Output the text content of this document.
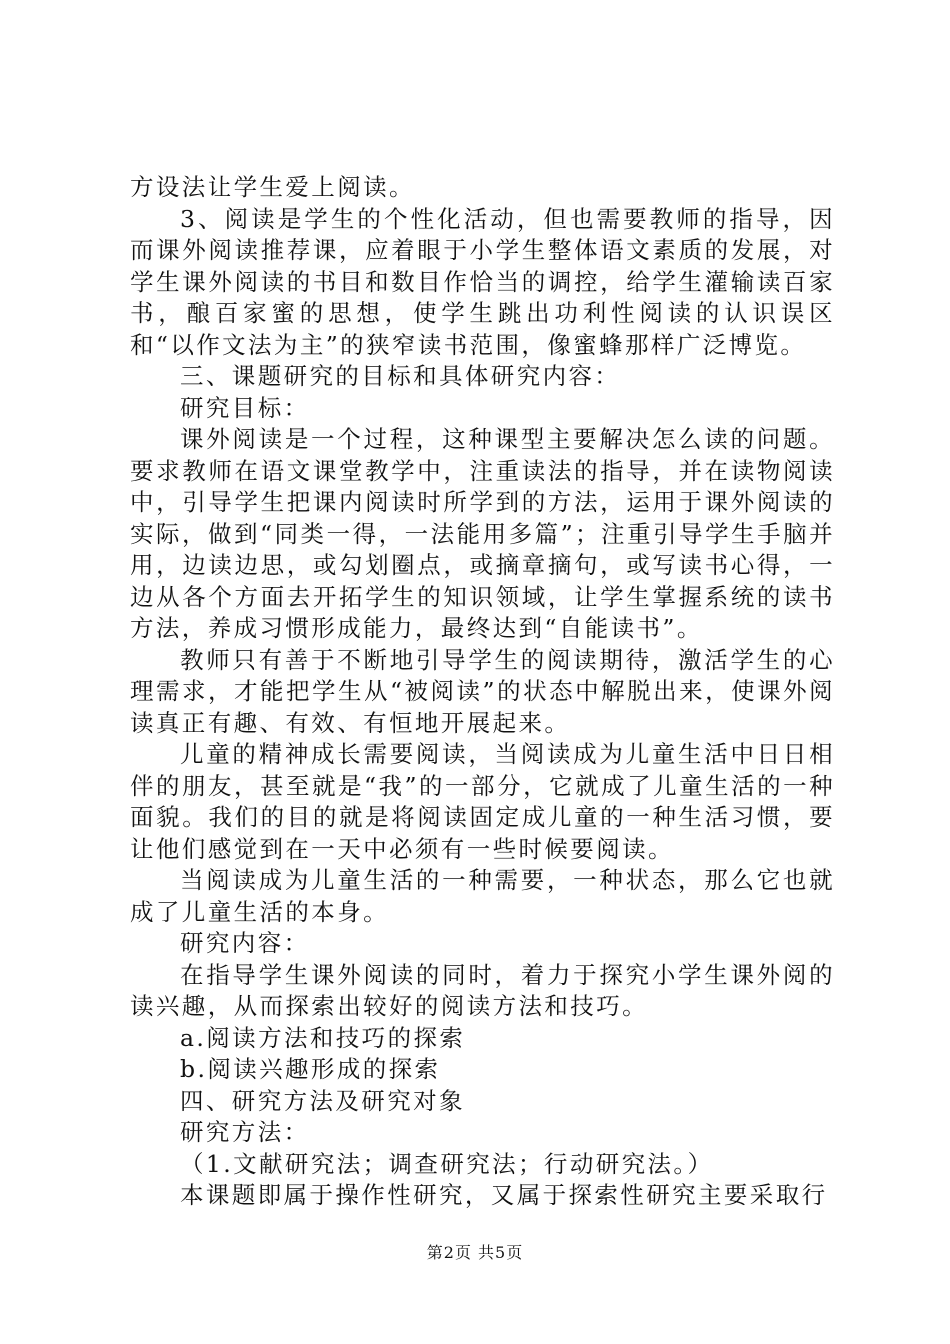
方设法让学生爱上阅读。

3、阅读是学生的个性化活动，但也需要教师的指导，因而课外阅读推荐课，应着眼于小学生整体语文素质的发展，对学生课外阅读的书目和数目作恰当的调控，给学生灌输读百家书，酿百家蜜的思想，使学生跳出功利性阅读的认识误区和“以作文法为主”的狭窄读书范围，像蜜蜂那样广泛博览。

三、课题研究的目标和具体研究内容：

研究目标：

课外阅读是一个过程，这种课型主要解决怎么读的问题。要求教师在语文课堂教学中，注重读法的指导，并在读物阅读中，引导学生把课内阅读时所学到的方法，运用于课外阅读的实际，做到“同类一得，一法能用多篇”；注重引导学生手脑并用，边读边思，或勾划圈点，或摘章摘句，或写读书心得，一边从各个方面去开拓学生的知识领域，让学生掌握系统的读书方法，养成习惯形成能力，最终达到“自能读书”。

教师只有善于不断地引导学生的阅读期待，激活学生的心理需求，才能把学生从“被阅读”的状态中解脱出来，使课外阅读真正有趣、有效、有恒地开展起来。

儿童的精神成长需要阅读，当阅读成为儿童生活中日日相伴的朋友，甚至就是“我”的一部分，它就成了儿童生活的一种面貌。我们的目的就是将阅读固定成儿童的一种生活习惯，要让他们感觉到在一天中必须有一些时候要阅读。

当阅读成为儿童生活的一种需要，一种状态，那么它也就成了儿童生活的本身。

研究内容：

在指导学生课外阅读的同时，着力于探究小学生课外阅的读兴趣，从而探索出较好的阅读方法和技巧。

a.阅读方法和技巧的探索

b.阅读兴趣形成的探索

四、研究方法及研究对象

研究方法：

（1.文献研究法；调查研究法；行动研究法。）

本课题即属于操作性研究，又属于探索性研究主要采取行

第2页 共5页
